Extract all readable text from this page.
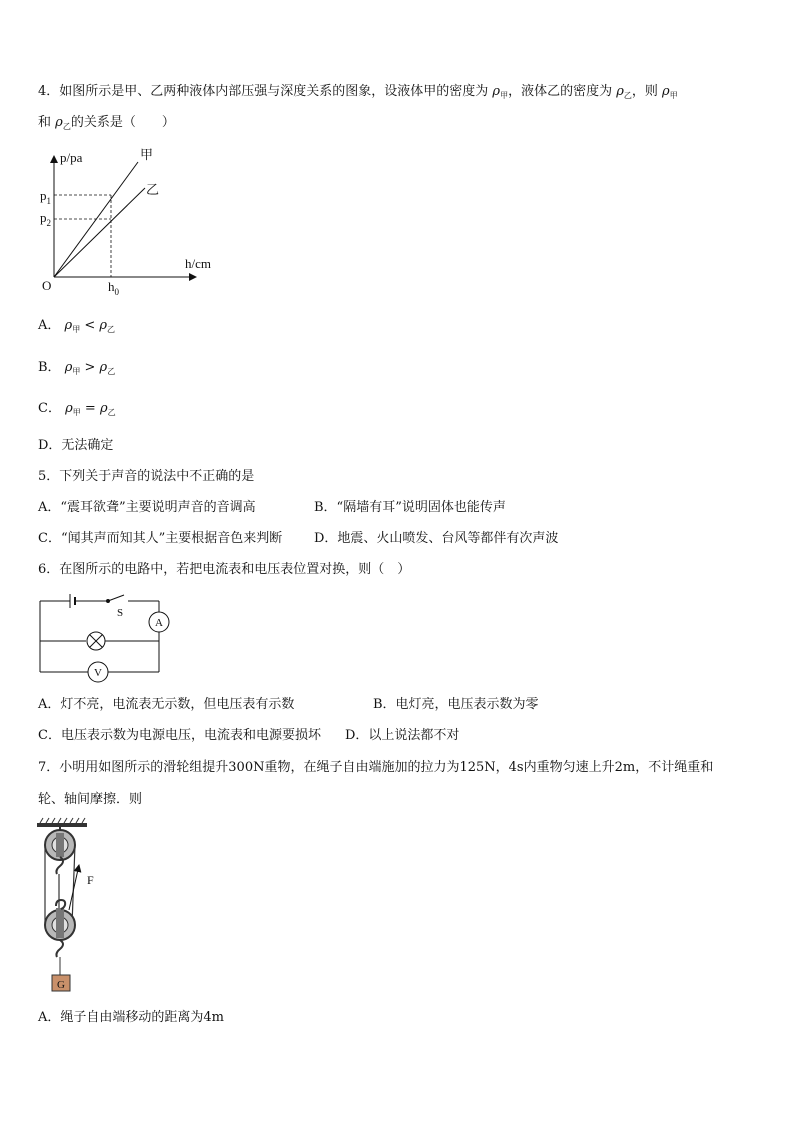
4．如图所示是甲、乙两种液体内部压强与深度关系的图象，设液体甲的密度为 $\rho_甲$，液体乙的密度为 $\rho_乙$，则 $\rho_甲$
和 $\rho_乙$的关系是（　　）
p/pa
h/cm
O
甲
乙
$p_1$
$p_2$
$h_0$
S
A
V
F
G
A． $\rho_甲 < \rho_乙$
B． $\rho_甲 > \rho_乙$
C． $\rho_甲 = \rho_乙$
D．无法确定
5．下列关于声音的说法中不正确的是
A．“震耳欲聋”主要说明声音的音调高	B．“隔墙有耳”说明固体也能传声
C．“闻其声而知其人”主要根据音色来判断 D．地震、火山喷发、台风等都伴有次声波
6．在图所示的电路中，若把电流表和电压表位置对换，则（　）
A．灯不亮，电流表无示数，但电压表有示数	B．电灯亮，电压表示数为零
C．电压表示数为电源电压，电流表和电源要损坏 D．以上说法都不对
7．小明用如图所示的滑轮组提升300N重物，在绳子自由端施加的拉力为125N，4s内重物匀速上升2m，不计绳重和
轮、轴间摩擦．则
A．绳子自由端移动的距离为4m
